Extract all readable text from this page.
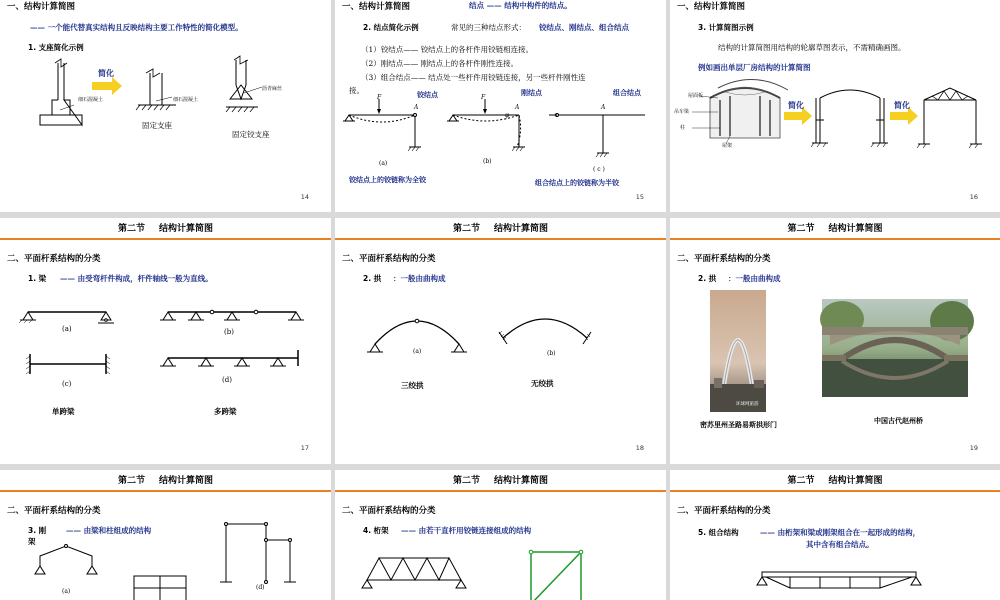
一、结构计算简图
—— 一个能代替真实结构且反映结构主要工作特性的简化模型。
1. 支座简化示例
简化
细石混凝土	细石混凝土
沥青麻丝
固定支座
固定铰支座
14
一、结构计算简图	结点 —— 结构中构件的结点。
2. 结点简化示例	常见的三种结点形式： 铰结点、刚结点、组合结点
（1）铰结点—— 铰结点上的各杆件用铰链相连接。
（2）刚结点—— 刚结点上的各杆件刚性连接。
（3）组合结点—— 结点处一些杆件用铰链连接，另一些杆件刚性连
接。	铰结点	刚结点	组合结点
F
A
F
A
φ
A
(a)	(b)
( c )
铰结点上的铰链称为全铰	组合结点上的铰链称为半铰
15
一、结构计算简图
3. 计算简图示例
结构的计算简图用结构的轮廓草图表示，不需精确画图。
例如画出单层厂房结构的计算简图
屋面板
吊车梁
柱
屋架
简化	简化
16
第二节 结构计算简图
二、平面杆系结构的分类
1. 梁 —— 由受弯杆件构成，杆件轴线一般为直线。
(a)	(b)
(c)	(d)
单跨梁	多跨梁
17
第二节 结构计算简图
二、平面杆系结构的分类
2. 拱 ：一般由曲构成
(a)	(b)
三绞拱	无绞拱
18
第二节 结构计算简图
二、平面杆系结构的分类
2. 拱 ：一般由曲构成
环球网旅游
密苏里州圣路易斯拱形门	中国古代赵州桥
19
第二节 结构计算简图
二、平面杆系结构的分类
3. 刚
架
—— 由梁和柱组成的结构
(a)
(d)
第二节 结构计算简图
二、平面杆系结构的分类
4. 桁架 —— 由若干直杆用铰链连接组成的结构
第二节 结构计算简图
二、平面杆系结构的分类
5. 组合结构	—— 由桁架和梁或刚架组合在一起形成的结构，
其中含有组合结点。
